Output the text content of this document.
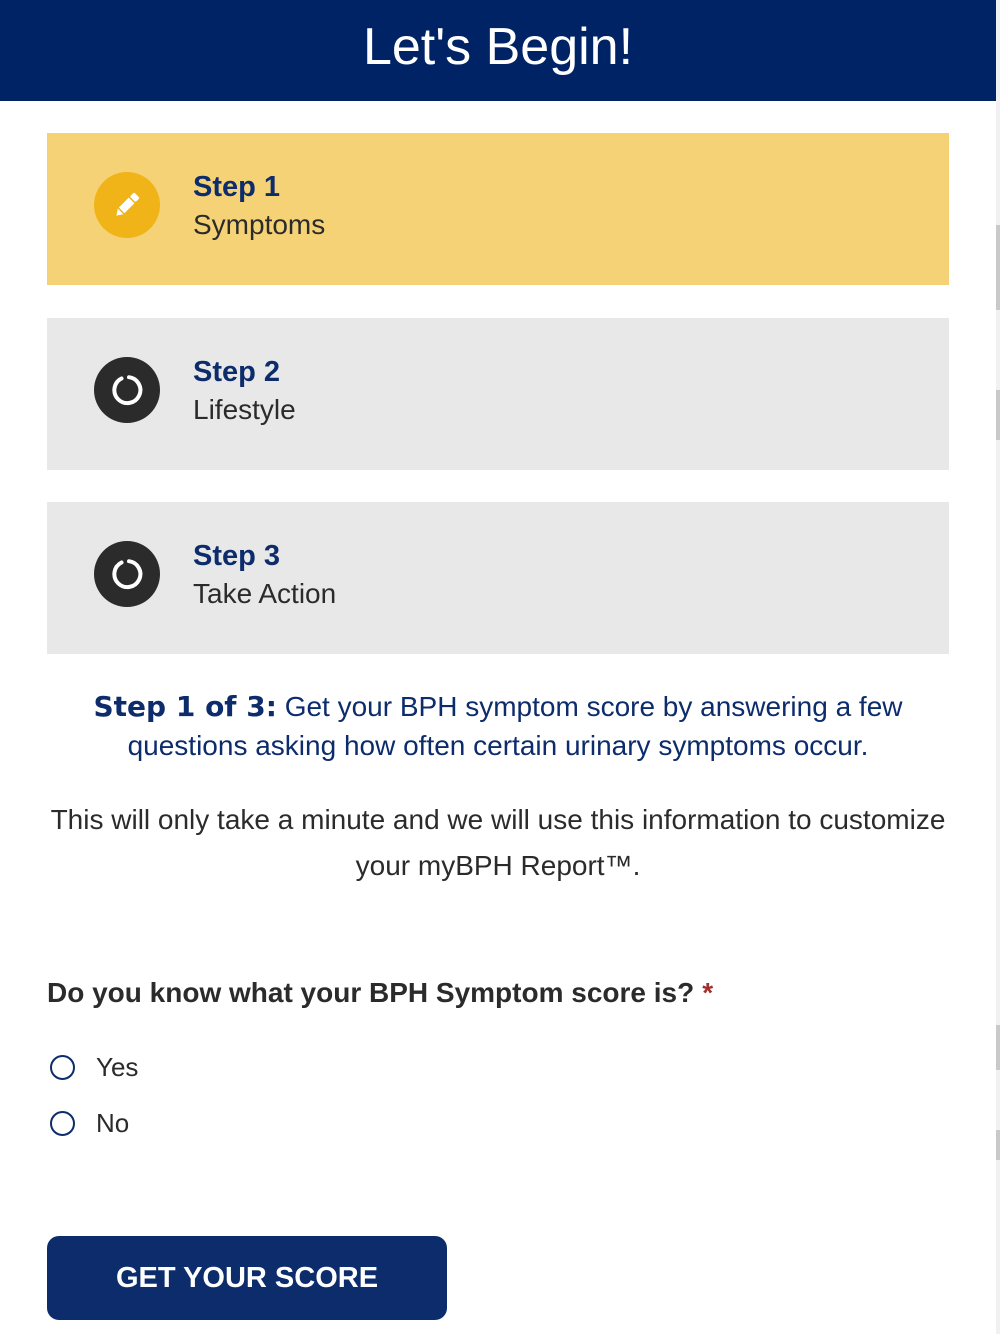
Let's Begin!
Step 1
Symptoms
Step 2
Lifestyle
Step 3
Take Action
Step 1 of 3: Get your BPH symptom score by answering a few questions asking how often certain urinary symptoms occur.
This will only take a minute and we will use this information to customize your myBPH Report™.
Do you know what your BPH Symptom score is? *
Yes
No
GET YOUR SCORE
